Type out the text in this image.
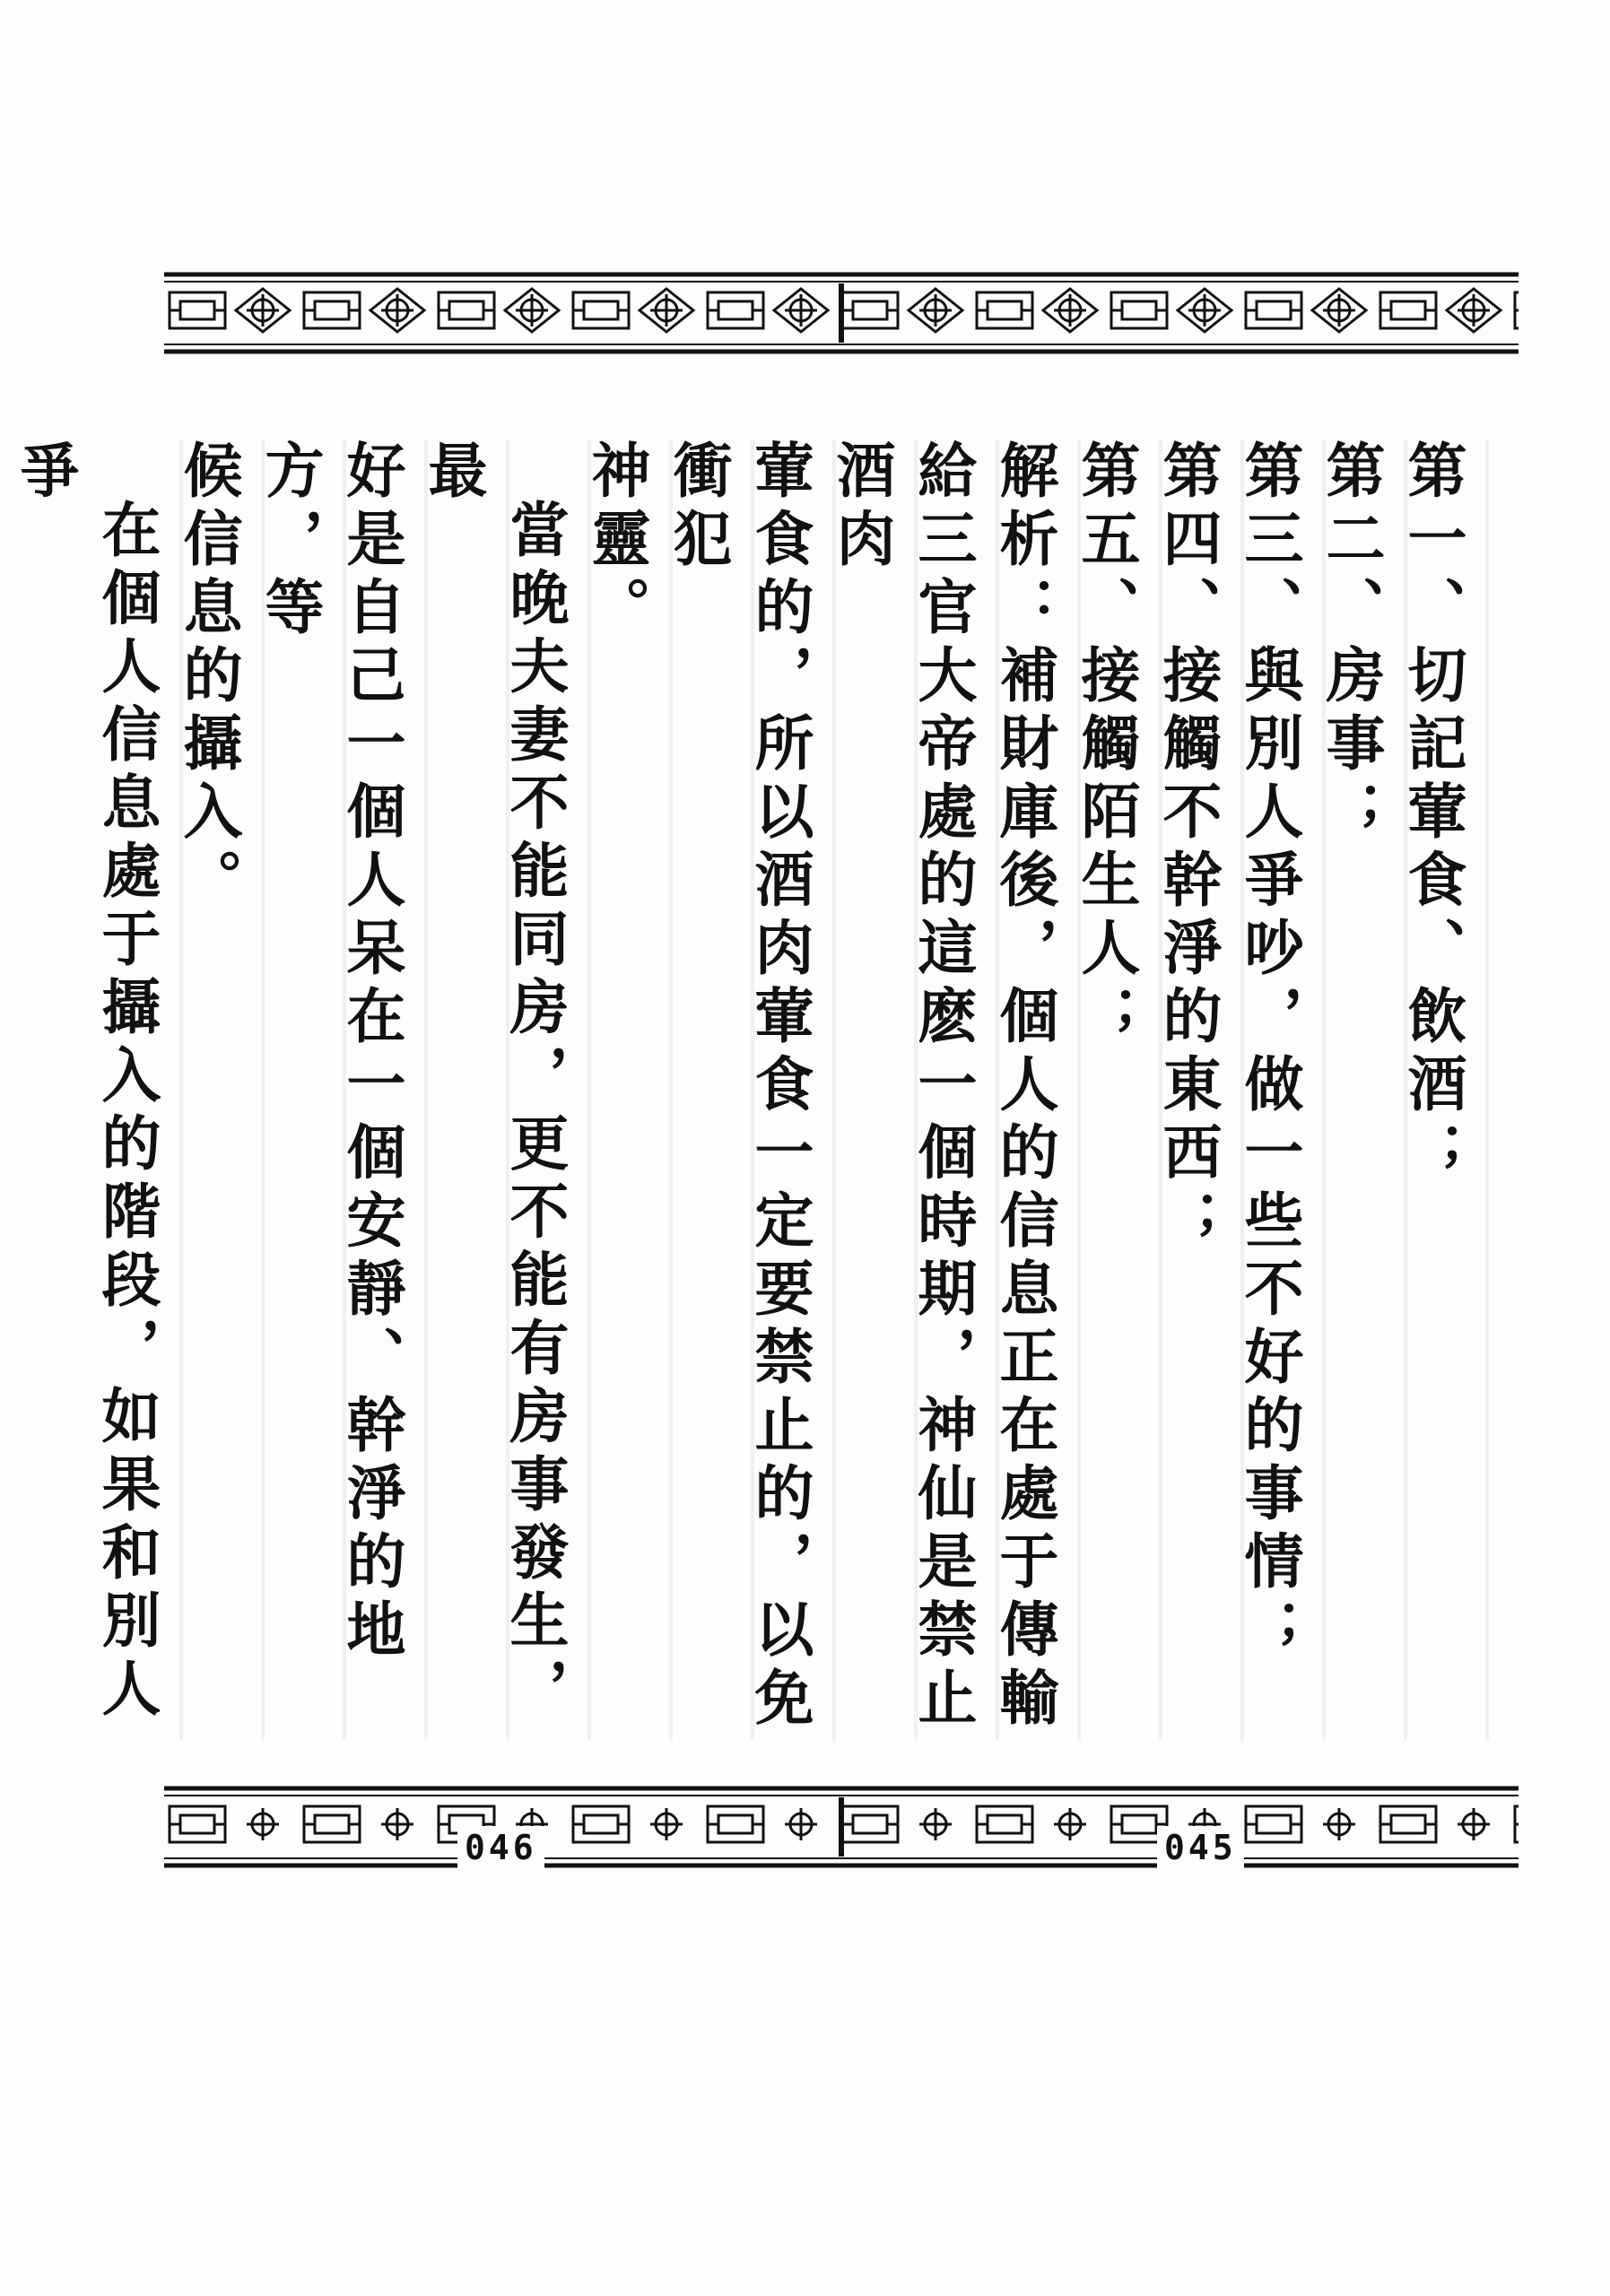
046	045

第一、切記葷食、飲酒；

第二、房事；

第三、與別人爭吵，做一些不好的事情；

第四、接觸不幹淨的東西；

第五、接觸陌生人；

解析：補財庫後，個人的信息正在處于傳輸

給三官大帝處的這麽一個時期，神仙是禁止酒肉

葷食的，所以酒肉葷食一定要禁止的，以免衝犯

神靈。

當晚夫妻不能同房，更不能有房事發生，最

好是自己一個人呆在一個安靜、幹淨的地方，等

候信息的攝入。

在個人信息處于攝入的階段，如果和別人爭
